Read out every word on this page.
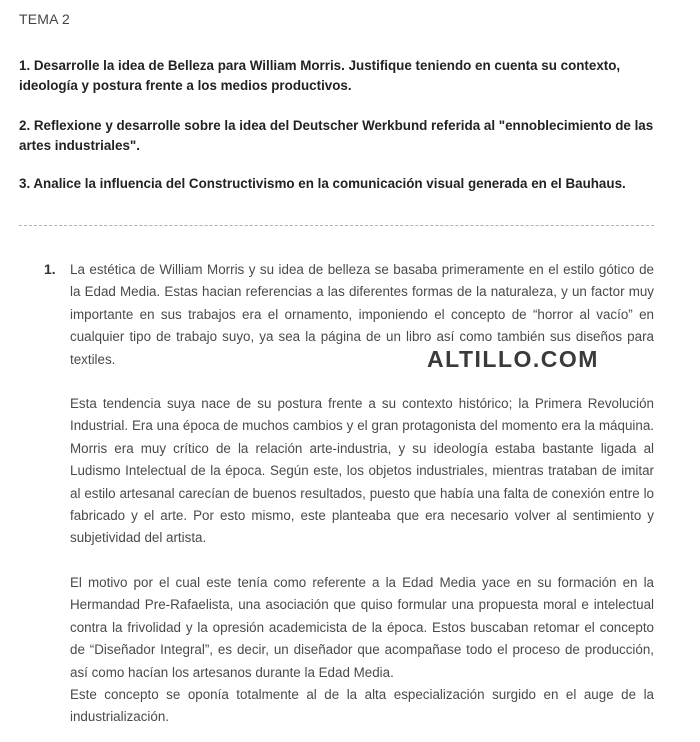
TEMA 2
1. Desarrolle la idea de Belleza para William Morris. Justifique teniendo en cuenta su contexto, ideología y postura frente a los medios productivos.
2. Reflexione y desarrolle sobre la idea del Deutscher Werkbund referida al "ennoblecimiento de las artes industriales".
3. Analice la influencia del Constructivismo en la comunicación visual generada en el Bauhaus.
1. La estética de William Morris y su idea de belleza se basaba primeramente en el estilo gótico de la Edad Media. Estas hacian referencias a las diferentes formas de la naturaleza, y un factor muy importante en sus trabajos era el ornamento, imponiendo el concepto de “horror al vacío” en cualquier tipo de trabajo suyo, ya sea la página de un libro así como también sus diseños para textiles.
Esta tendencia suya nace de su postura frente a su contexto histórico; la Primera Revolución Industrial. Era una época de muchos cambios y el gran protagonista del momento era la máquina. Morris era muy crítico de la relación arte-industria, y su ideología estaba bastante ligada al Ludismo Intelectual de la época. Según este, los objetos industriales, mientras trataban de imitar al estilo artesanal carecían de buenos resultados, puesto que había una falta de conexión entre lo fabricado y el arte. Por esto mismo, este planteaba que era necesario volver al sentimiento y subjetividad del artista.
El motivo por el cual este tenía como referente a la Edad Media yace en su formación en la Hermandad Pre-Rafaelista, una asociación que quiso formular una propuesta moral e intelectual contra la frivolidad y la opresión academicista de la época. Estos buscaban retomar el concepto de “Diseñador Integral”, es decir, un diseñador que acompañase todo el proceso de producción, así como hacían los artesanos durante la Edad Media.
Este concepto se oponía totalmente al de la alta especialización surgido en el auge de la industrialización.
ALTILLO.COM
